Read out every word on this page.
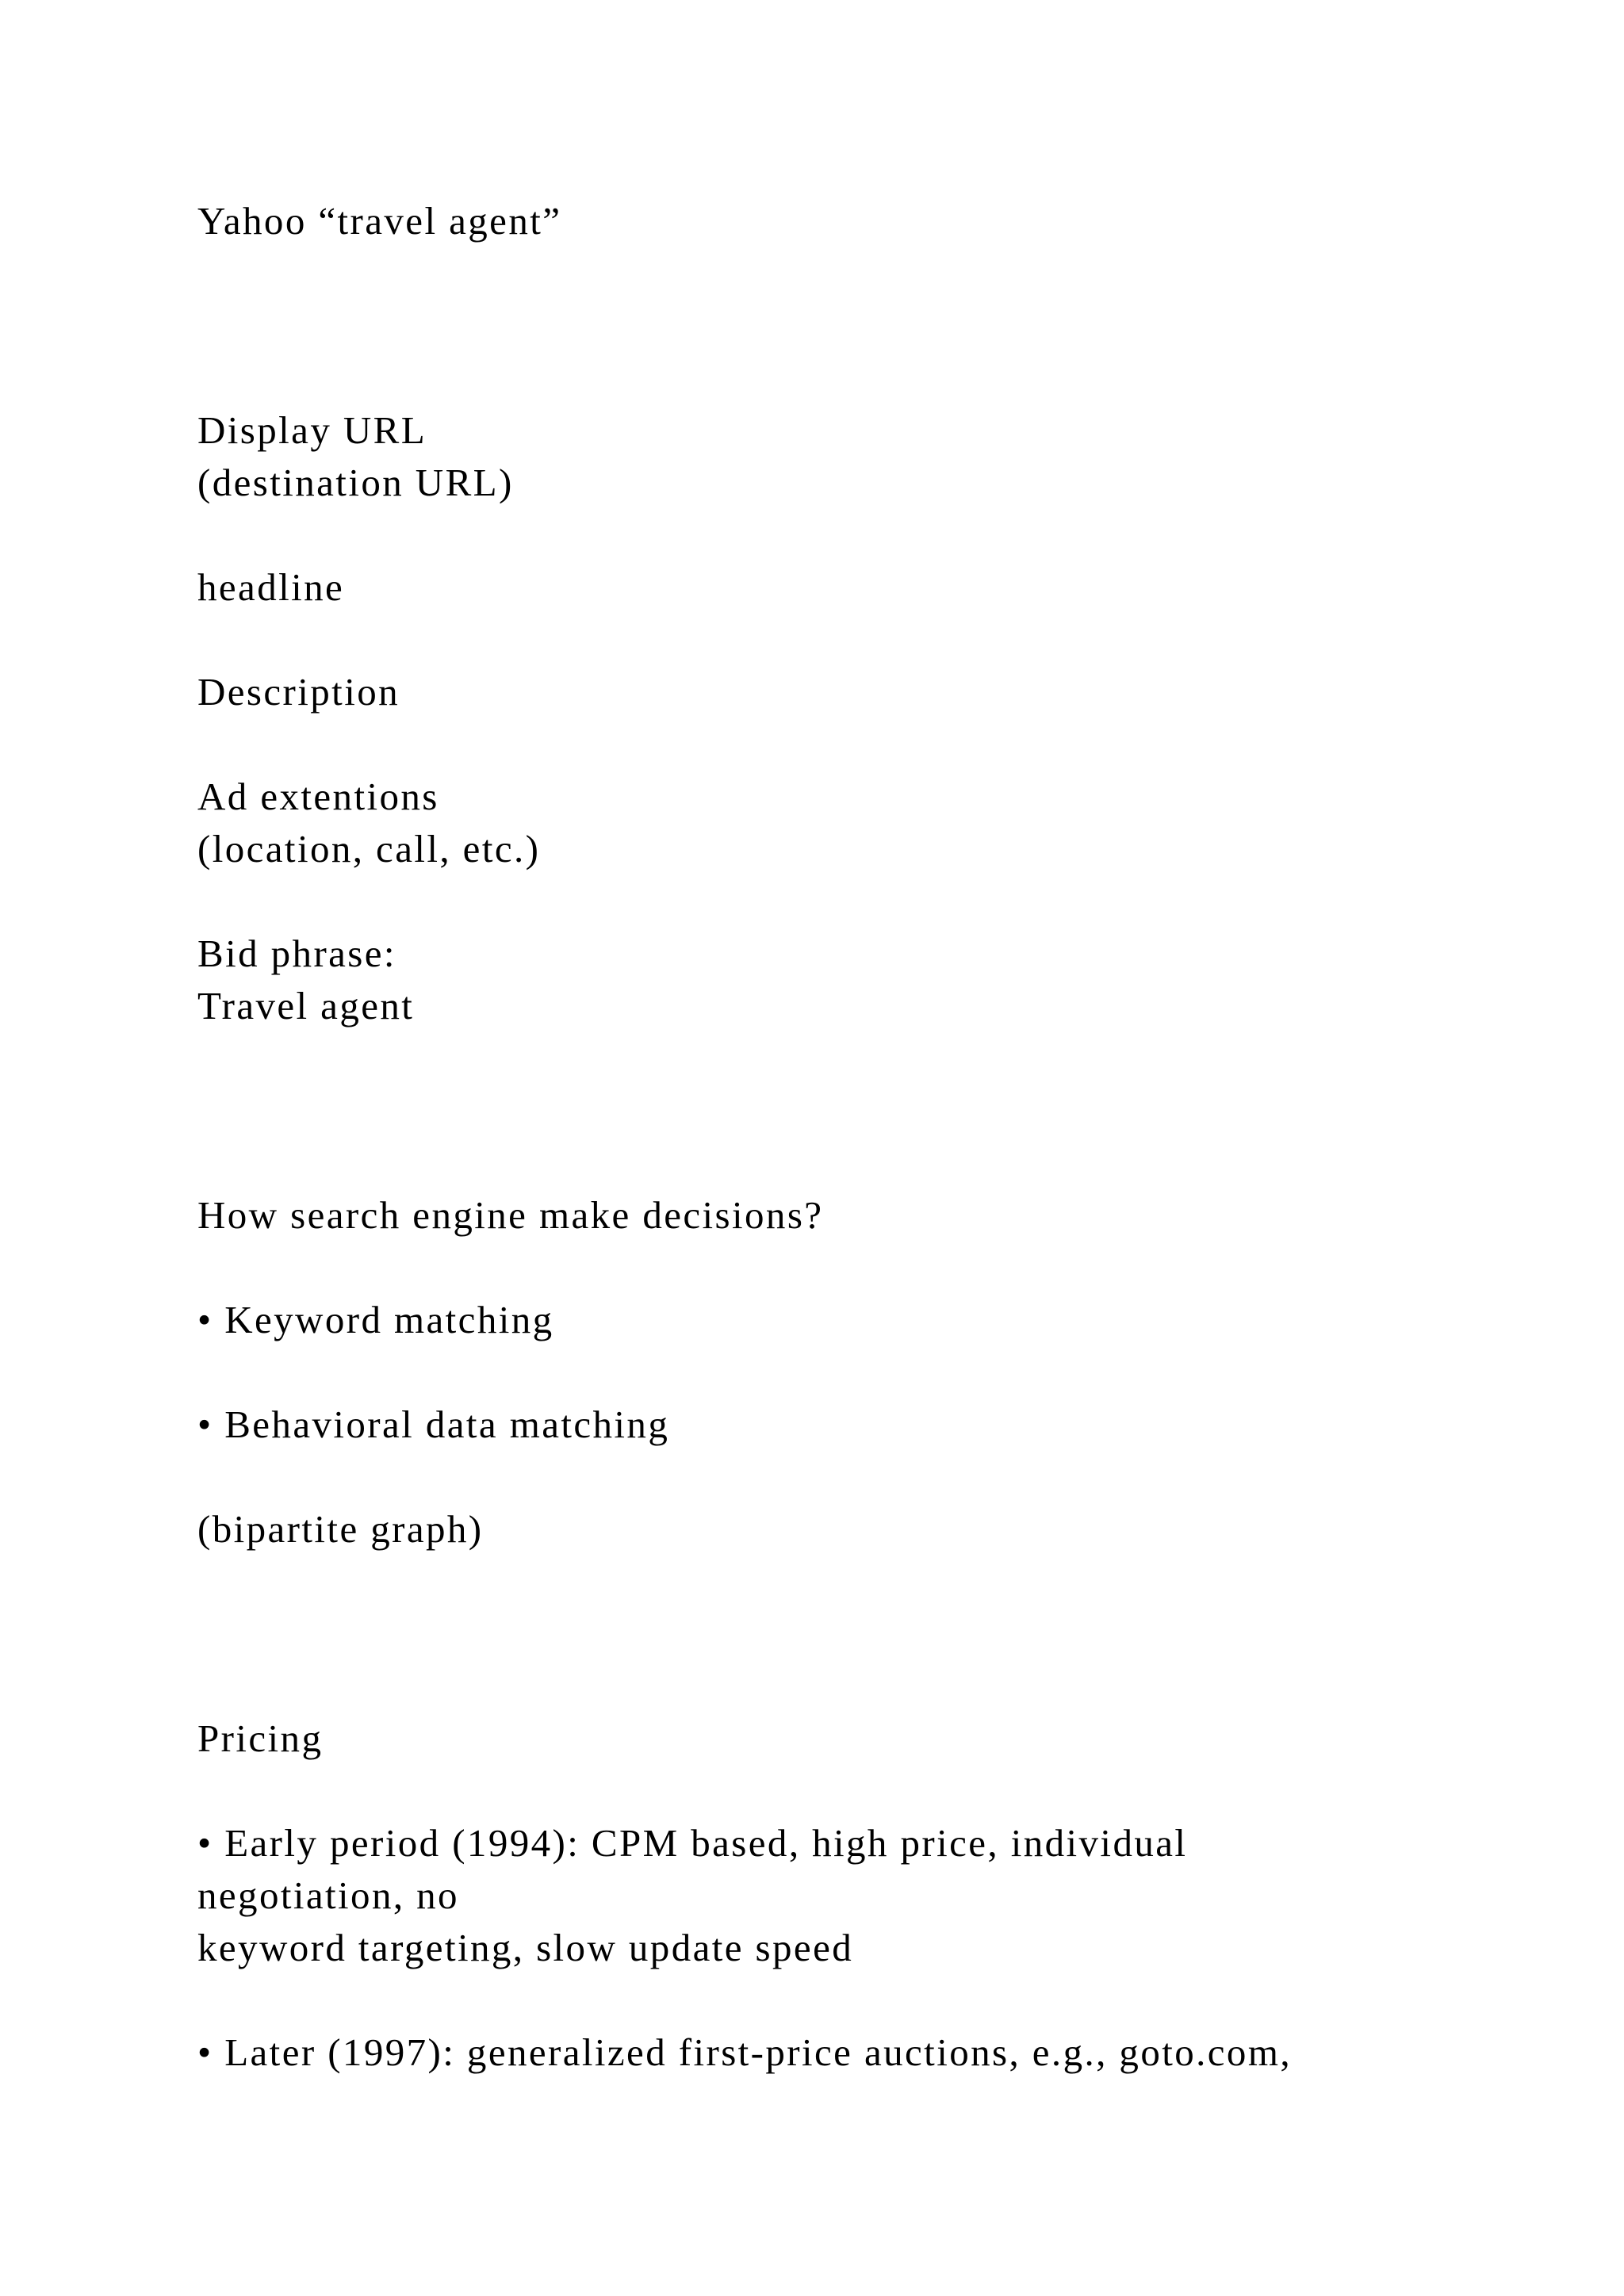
Yahoo “travel agent”

Display URL

(destination URL)

headline

Description

Ad extentions

(location, call, etc.)

Bid phrase:

Travel agent

How search engine make decisions?

• Keyword matching

• Behavioral data matching

(bipartite graph)

Pricing

• Early period (1994): CPM based, high price, individual

negotiation, no

keyword targeting, slow update speed

• Later (1997): generalized first-price auctions, e.g., goto.com,
